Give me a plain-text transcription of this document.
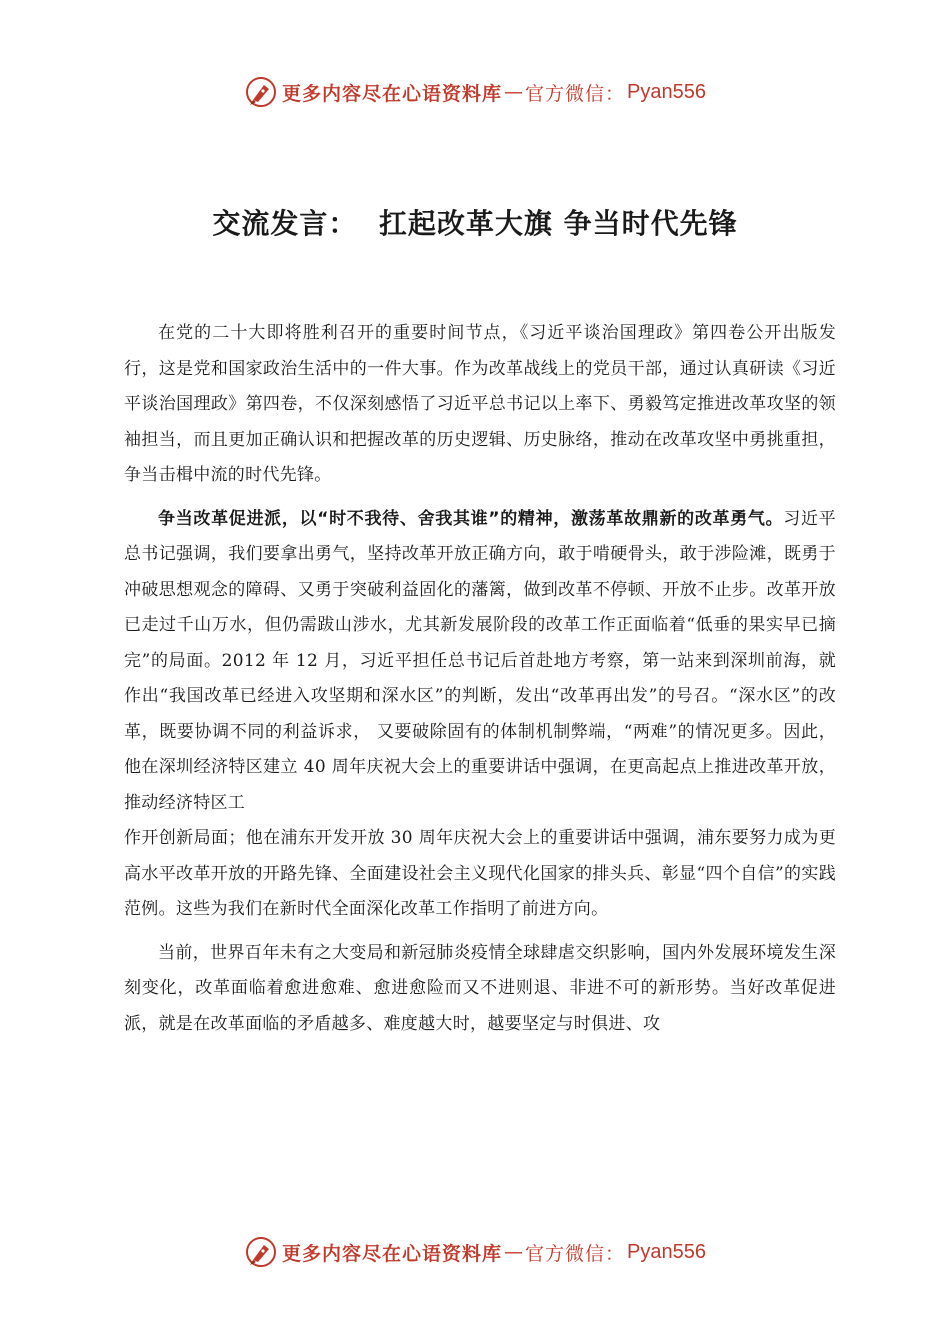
更多内容尽在心语资料库 — 官方微信： Pyan556
交流发言：  扛起改革大旗 争当时代先锋

在党的二十大即将胜利召开的重要时间节点，《习近平谈治国理政》第四卷公开出版发行，这是党和国家政治生活中的一件大事。作为改革战线上的党员干部，通过认真研读《习近平谈治国理政》第四卷，不仅深刻感悟了习近平总书记以上率下、勇毅笃定推进改革攻坚的领袖担当，而且更加正确认识和把握改革的历史逻辑、历史脉络，推动在改革攻坚中勇挑重担，争当击楫中流的时代先锋。

争当改革促进派，以“时不我待、舍我其谁”的精神，激荡革故鼎新的改革勇气。习近平总书记强调，我们要拿出勇气，坚持改革开放正确方向，敢于啃硬骨头，敢于涉险滩，既勇于冲破思想观念的障碍、又勇于突破利益固化的藩篱，做到改革不停顿、开放不止步。改革开放已走过千山万水，但仍需跋山涉水，尤其新发展阶段的改革工作正面临着“低垂的果实早已摘完”的局面。2012 年 12 月，习近平担任总书记后首赴地方考察，第一站来到深圳前海，就作出“我国改革已经进入攻坚期和深水区”的判断，发出“改革再出发”的号召。“深水区”的改革，既要协调不同的利益诉求， 又要破除固有的体制机制弊端，“两难”的情况更多。因此，他在深圳经济特区建立 40 周年庆祝大会上的重要讲话中强调，在更高起点上推进改革开放，推动经济特区工

作开创新局面；他在浦东开发开放 30 周年庆祝大会上的重要讲话中强调，浦东要努力成为更高水平改革开放的开路先锋、全面建设社会主义现代化国家的排头兵、彰显“四个自信”的实践范例。这些为我们在新时代全面深化改革工作指明了前进方向。

当前，世界百年未有之大变局和新冠肺炎疫情全球肆虐交织影响，国内外发展环境发生深刻变化，改革面临着愈进愈难、愈进愈险而又不进则退、非进不可的新形势。当好改革促进派，就是在改革面临的矛盾越多、难度越大时，越要坚定与时俱进、攻

更多内容尽在心语资料库 — 官方微信： Pyan556
